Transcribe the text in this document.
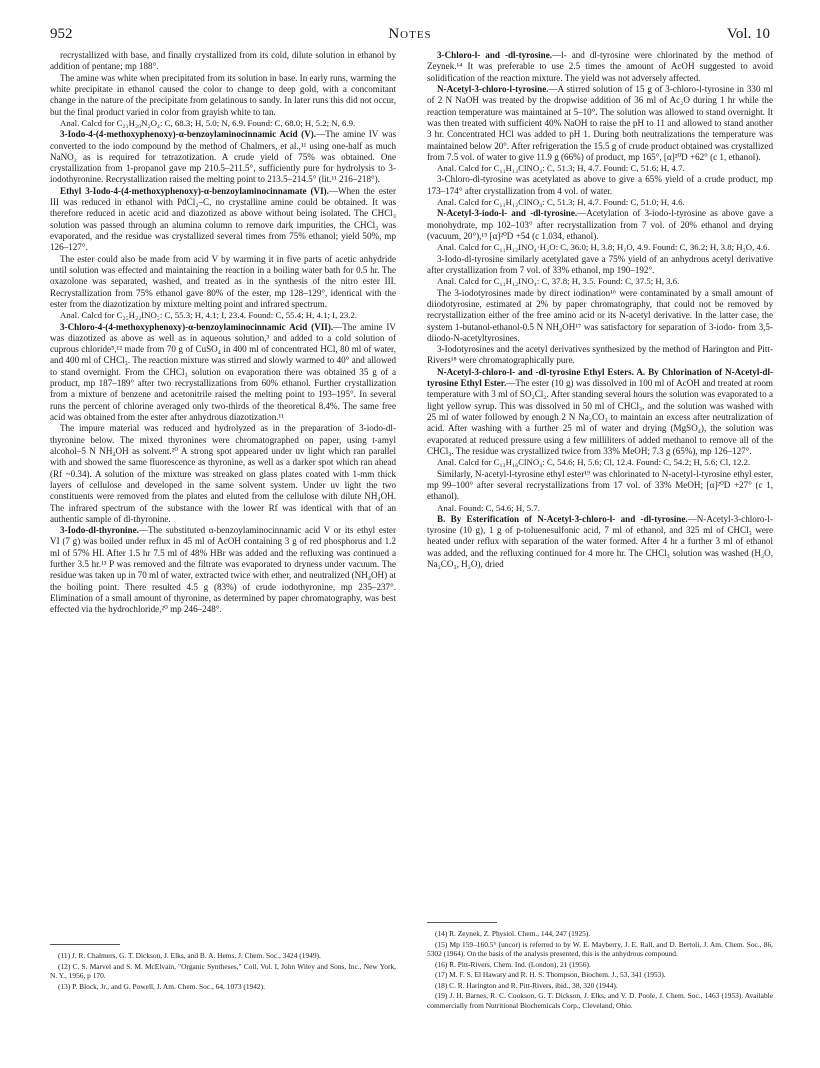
952	Notes	Vol. 10

recrystallized with base, and finally crystallized from its cold, dilute solution in ethanol by addition of pentane; mp 188°.

The amine was white when precipitated from its solution in base. In early runs, warming the white precipitate in ethanol caused the color to change to deep gold, with a concomitant change in the nature of the precipitate from gelatinous to sandy. In later runs this did not occur, but the final product varied in color from grayish white to tan.

Anal. Calcd for C₂₁H₂₀N₂O₄: C, 68.3; H, 5.0; N, 6.9. Found: C, 68.0; H, 5.2; N, 6.9.

3-Iodo-4-(4-methoxyphenoxy)-α-benzoylaminocinnamic Acid (V).—The amine IV was converted to the iodo compound by the method of Chalmers, et al.,¹¹ using one-half as much NaNO₂ as is required for tetrazotization. A crude yield of 75% was obtained. One crystallization from 1-propanol gave mp 210.5–211.5°, sufficiently pure for hydrolysis to 3-iodothyronine. Recrystallization raised the melting point to 213.5–214.5° (lit.¹¹ 216–218°).

Ethyl 3-Iodo-4-(4-methoxyphenoxy)-α-benzoylaminocinnamate (VI).—When the ester III was reduced in ethanol with PdCl₂–C, no crystalline amine could be obtained. It was therefore reduced in acetic acid and diazotized as above without being isolated. The CHCl₃ solution was passed through an alumina column to remove dark impurities, the CHCl₃ was evaporated, and the residue was crystallized several times from 75% ethanol; yield 50%, mp 126–127°.

The ester could also be made from acid V by warming it in five parts of acetic anhydride until solution was effected and maintaining the reaction in a boiling water bath for 0.5 hr. The oxazolone was separated, washed, and treated as in the synthesis of the nitro ester III. Recrystallization from 75% ethanol gave 80% of the ester, mp 128–129°, identical with the ester from the diazotization by mixture melting point and infrared spectrum.

Anal. Calcd for C₂₅H₂₂INO₅: C, 55.3; H, 4.1; I, 23.4. Found: C, 55.4; H, 4.1; I, 23.2.

3-Chloro-4-(4-methoxyphenoxy)-α-benzoylaminocinnamic Acid (VII).—The amine IV was diazotized as above as well as in aqueous solution,³ and added to a cold solution of cuprous chloride⁵,¹² made from 70 g of CuSO₄ in 400 ml of concentrated HCl, 80 ml of water, and 400 ml of CHCl₃. The reaction mixture was stirred and slowly warmed to 40° and allowed to stand overnight. From the CHCl₃ solution on evaporation there was obtained 35 g of a product, mp 187–189° after two recrystallizations from 60% ethanol. Further crystallization from a mixture of benzene and acetonitrile raised the melting point to 193–195°. In several runs the percent of chlorine averaged only two-thirds of the theoretical 8.4%. The same free acid was obtained from the ester after anhydrous diazotization.¹¹

The impure material was reduced and hydrolyzed as in the preparation of 3-iodo-dl-thyronine below. The mixed thyronines were chromatographed on paper, using t-amyl alcohol–5 N NH₄OH as solvent.²⁰ A strong spot appeared under uv light which ran parallel with and showed the same fluorescence as thyronine, as well as a darker spot which ran ahead (Rf ~0.34). A solution of the mixture was streaked on glass plates coated with 1-mm thick layers of cellulose and developed in the same solvent system. Under uv light the two constituents were removed from the plates and eluted from the cellulose with dilute NH₄OH. The infrared spectrum of the substance with the lower Rf was identical with that of an authentic sample of dl-thyronine.

3-Iodo-dl-thyronine.—The substituted α-benzoylaminocinnamic acid V or its ethyl ester VI (7 g) was boiled under reflux in 45 ml of AcOH containing 3 g of red phosphorus and 1.2 ml of 57% HI. After 1.5 hr 7.5 ml of 48% HBr was added and the refluxing was continued a further 3.5 hr.¹³ P was removed and the filtrate was evaporated to dryness under vacuum. The residue was taken up in 70 ml of water, extracted twice with ether, and neutralized (NH₄OH) at the boiling point. There resulted 4.5 g (83%) of crude iodothyronine, mp 235–237°. Elimination of a small amount of thyronine, as determined by paper chromatography, was best effected via the hydrochloride,²⁰ mp 246–248°.

3-Chloro-l- and -dl-tyrosine.—l- and dl-tyrosine were chlorinated by the method of Zeynek.¹⁴ It was preferable to use 2.5 times the amount of AcOH suggested to avoid solidification of the reaction mixture. The yield was not adversely affected.

N-Acetyl-3-chloro-l-tyrosine.—A stirred solution of 15 g of 3-chloro-l-tyrosine in 330 ml of 2 N NaOH was treated by the dropwise addition of 36 ml of Ac₂O during 1 hr while the reaction temperature was maintained at 5–10°. The solution was allowed to stand overnight. It was then treated with sufficient 40% NaOH to raise the pH to 11 and allowed to stand another 3 hr. Concentrated HCl was added to pH 1. During both neutralizations the temperature was maintained below 20°. After refrigeration the 15.5 g of crude product obtained was crystallized from 7.5 vol. of water to give 11.9 g (66%) of product, mp 165°, [α]²⁰D +62° (c 1, ethanol).

Anal. Calcd for C₁₁H₁₂ClNO₄: C, 51.3; H, 4.7. Found: C, 51.6; H, 4.7.

3-Chloro-dl-tyrosine was acetylated as above to give a 65% yield of a crude product, mp 173–174° after crystallization from 4 vol. of water.

Anal. Calcd for C₁₁H₁₂ClNO₄: C, 51.3; H, 4.7. Found: C, 51.0; H, 4.6.

N-Acetyl-3-iodo-l- and -dl-tyrosine.—Acetylation of 3-iodo-l-tyrosine as above gave a monohydrate, mp 102–103° after recrystallization from 7 vol. of 20% ethanol and drying (vacuum, 20°),¹⁵ [α]²⁰D +54 (c 1.034, ethanol).

Anal. Calcd for C₁₁H₁₂INO₄·H₂O: C, 36.0; H, 3.8; H₂O, 4.9. Found: C, 36.2; H, 3.8; H₂O, 4.6.

3-Iodo-dl-tyrosine similarly acetylated gave a 75% yield of an anhydrous acetyl derivative after crystallization from 7 vol. of 33% ethanol, mp 190–192°.

Anal. Calcd for C₁₁H₁₂INO₄: C, 37.8; H, 3.5. Found: C, 37.5; H, 3.6.

The 3-iodotyrosines made by direct iodination¹⁶ were contaminated by a small amount of diiodotyrosine, estimated at 2% by paper chromatography, that could not be removed by recrystallization either of the free amino acid or its N-acetyl derivative. In the latter case, the system 1-butanol-ethanol-0.5 N NH₄OH¹⁷ was satisfactory for separation of 3-iodo- from 3,5-diiodo-N-acetyltyrosines.

3-Iodotyrosines and the acetyl derivatives synthesized by the method of Harington and Pitt-Rivers¹⁸ were chromatographically pure.

N-Acetyl-3-chloro-l- and -dl-tyrosine Ethyl Esters. A. By Chlorination of N-Acetyl-dl-tyrosine Ethyl Ester.—The ester (10 g) was dissolved in 100 ml of AcOH and treated at room temperature with 3 ml of SO₂Cl₂. After standing several hours the solution was evaporated to a light yellow syrup. This was dissolved in 50 ml of CHCl₃, and the solution was washed with 25 ml of water followed by enough 2 N Na₂CO₃ to maintain an excess after neutralization of acid. After washing with a further 25 ml of water and drying (MgSO₄), the solution was evaporated at reduced pressure using a few milliliters of added methanol to remove all of the CHCl₃. The residue was crystallized twice from 33% MeOH; 7.3 g (65%), mp 126–127°.

Anal. Calcd for C₁₃H₁₆ClNO₄: C, 54.6; H, 5.6; Cl, 12.4. Found: C, 54.2; H, 5.6; Cl, 12.2.

Similarly, N-acetyl-l-tyrosine ethyl ester¹⁹ was chlorinated to N-acetyl-l-tyrosine ethyl ester, mp 99–100° after several recrystallizations from 17 vol. of 33% MeOH; [α]²⁰D +27° (c 1, ethanol).

Anal. Found: C, 54.6; H, 5.7.

B. By Esterification of N-Acetyl-3-chloro-l- and -dl-tyrosine.—N-Acetyl-3-chloro-l-tyrosine (10 g), 1 g of p-toluenesulfonic acid, 7 ml of ethanol, and 325 ml of CHCl₃ were heated under reflux with separation of the water formed. After 4 hr a further 3 ml of ethanol was added, and the refluxing continued for 4 more hr. The CHCl₃ solution was washed (H₂O, Na₂CO₃, H₂O), dried

(11) J. R. Chalmers, G. T. Dickson, J. Elks, and B. A. Hems, J. Chem. Soc., 3424 (1949).
(12) C. S. Marvel and S. M. McElvain, "Organic Syntheses," Coll. Vol. I, John Wiley and Sons, Inc., New York, N. Y., 1956, p 170.
(13) P. Block, Jr., and G. Powell, J. Am. Chem. Soc., 64, 1073 (1942).
(14) R. Zeynek, Z. Physiol. Chem., 144, 247 (1925).
(15) Mp 159–160.5° (uncor) is referred to by W. E. Mayberry, J. E. Rall, and D. Bertoli, J. Am. Chem. Soc., 86, 5302 (1964). On the basis of the analysis presented, this is the anhydrous compound.
(16) R. Pitt-Rivers, Chem. Ind. (London), 21 (1956).
(17) M. F. S. El Hawary and R. H. S. Thompson, Biochem. J., 53, 341 (1953).
(18) C. R. Harington and R. Pitt-Rivers, ibid., 38, 320 (1944).
(19) J. H. Barnes, R. C. Cookson, G. T. Dickson, J. Elks, and V. D. Poole, J. Chem. Soc., 1463 (1953). Available commercially from Nutritional Biochemicals Corp., Cleveland, Ohio.
